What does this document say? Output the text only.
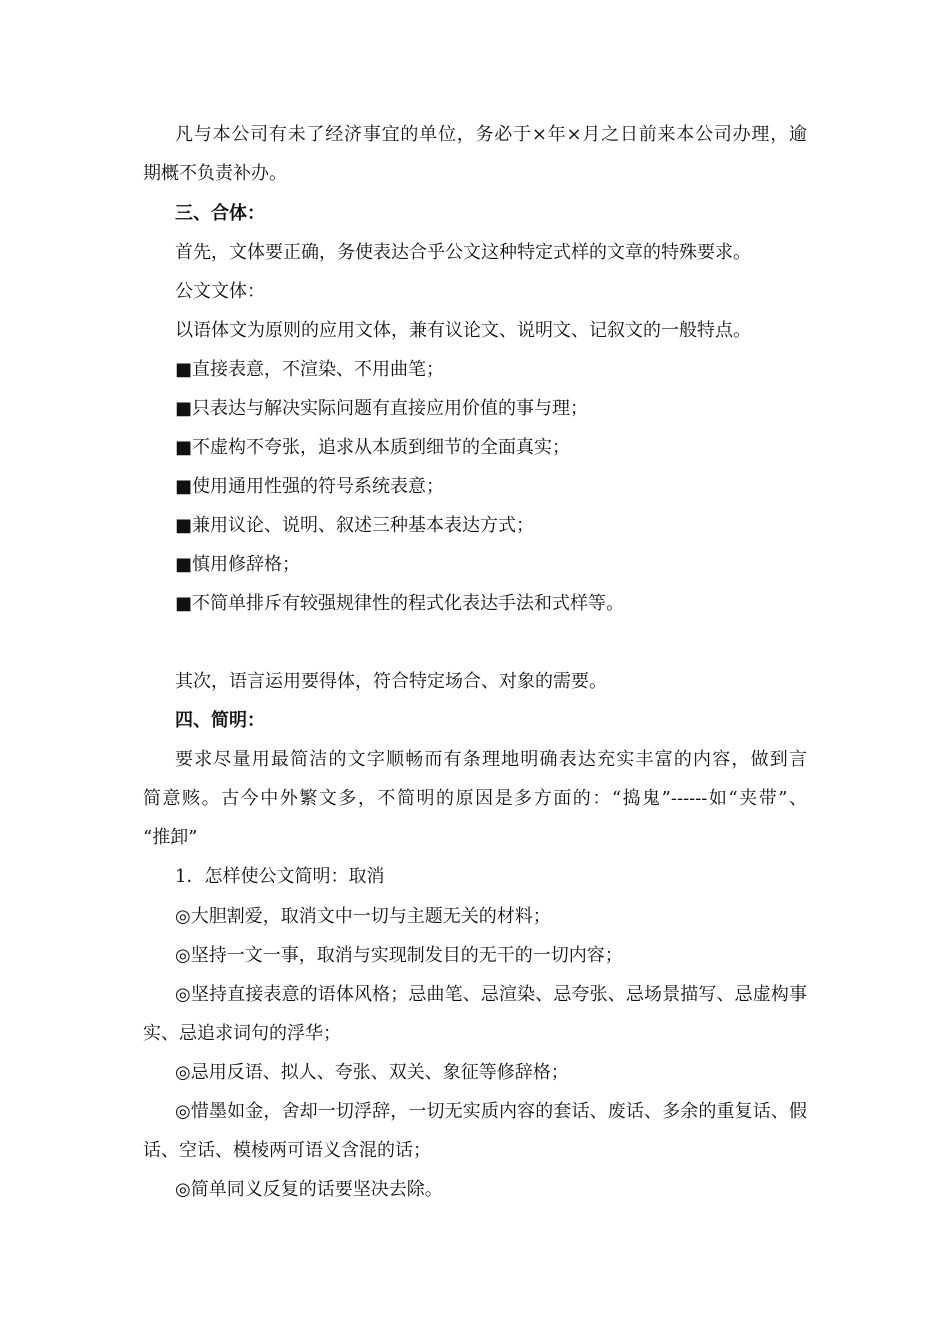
凡与本公司有未了经济事宜的单位，务必于×年×月之日前来本公司办理，逾
期概不负责补办。
三、合体：
首先，文体要正确，务使表达合乎公文这种特定式样的文章的特殊要求。
公文文体：
以语体文为原则的应用文体，兼有议论文、说明文、记叙文的一般特点。
■直接表意，不渲染、不用曲笔；
■只表达与解决实际问题有直接应用价值的事与理；
■不虚构不夸张，追求从本质到细节的全面真实；
■使用通用性强的符号系统表意；
■兼用议论、说明、叙述三种基本表达方式；
■慎用修辞格；
■不简单排斥有较强规律性的程式化表达手法和式样等。
其次，语言运用要得体，符合特定场合、对象的需要。
四、简明：
要求尽量用最简洁的文字顺畅而有条理地明确表达充实丰富的内容，做到言
简意赅。古今中外繁文多，不简明的原因是多方面的：“捣鬼”------如“夹带”、
“推卸”
1．怎样使公文简明：取消
◎大胆割爱，取消文中一切与主题无关的材料；
◎坚持一文一事，取消与实现制发目的无干的一切内容；
◎坚持直接表意的语体风格；忌曲笔、忌渲染、忌夸张、忌场景描写、忌虚构事
实、忌追求词句的浮华；
◎忌用反语、拟人、夸张、双关、象征等修辞格；
◎惜墨如金，舍却一切浮辞，一切无实质内容的套话、废话、多余的重复话、假
话、空话、模棱两可语义含混的话；
◎简单同义反复的话要坚决去除。
